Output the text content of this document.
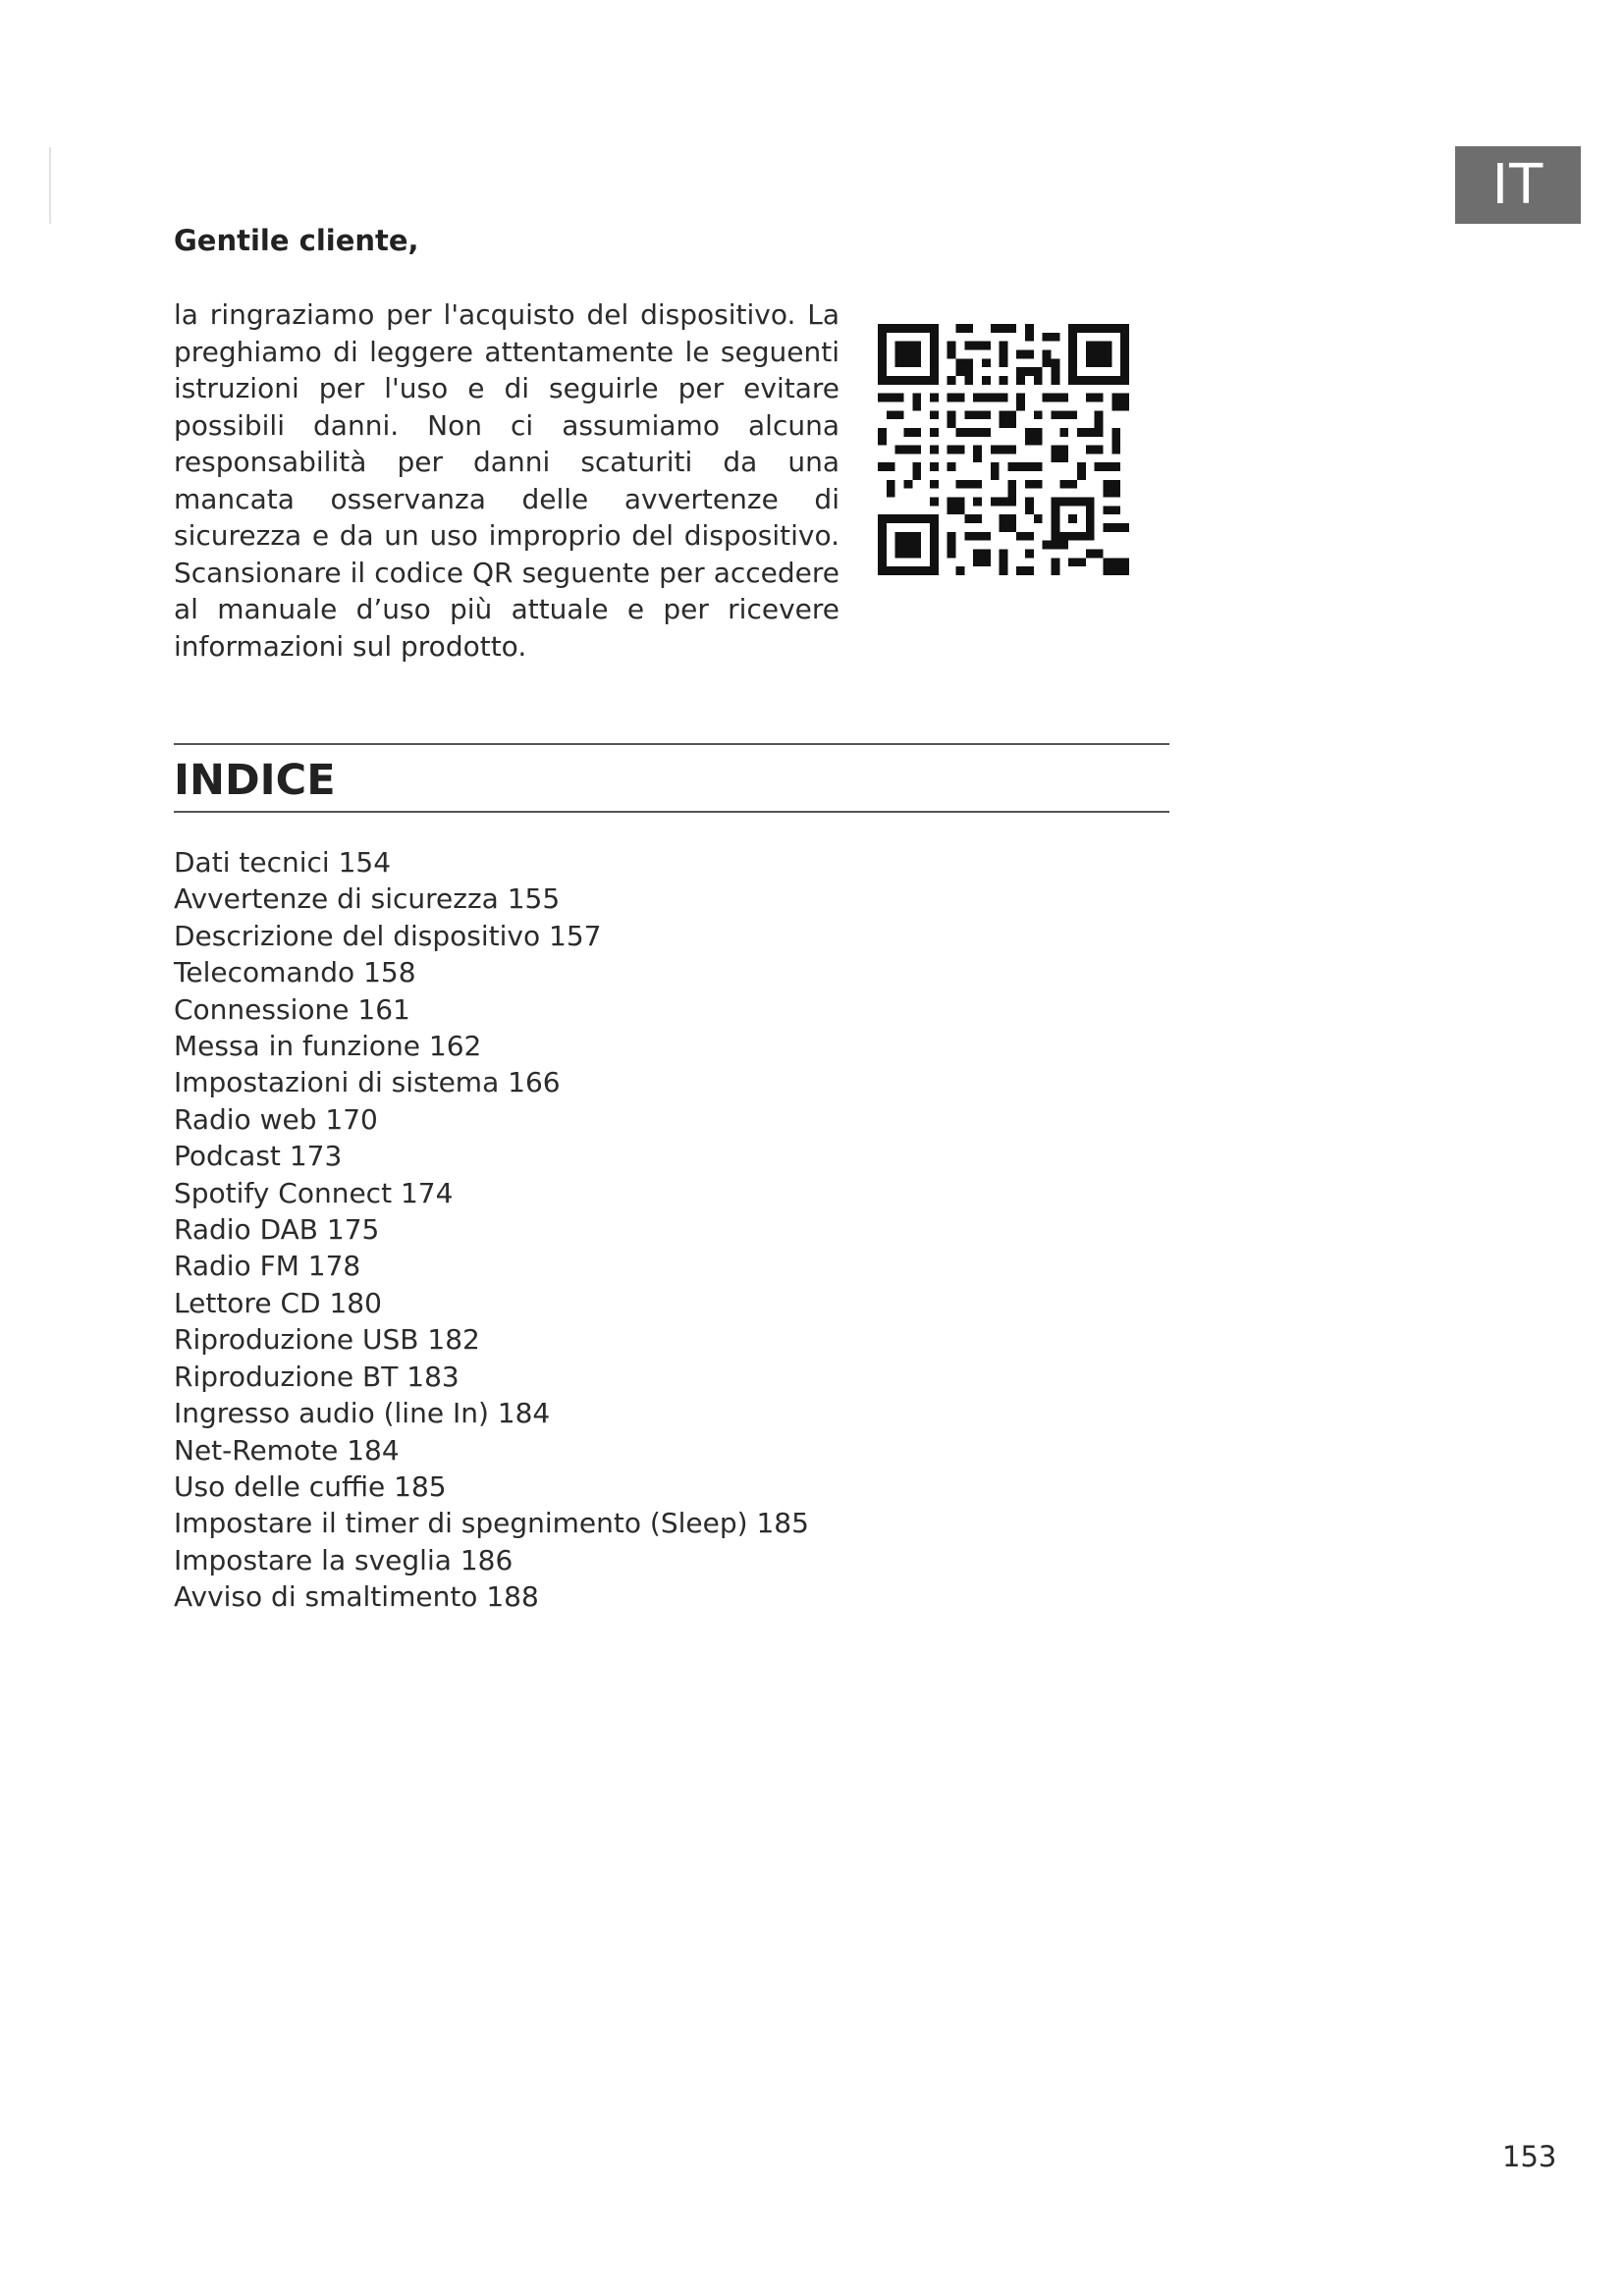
IT

Gentile cliente,

la ringraziamo per l'acquisto del dispositivo. La preghiamo di leggere attentamente le seguenti istruzioni per l'uso e di seguirle per evitare possibili danni. Non ci assumiamo alcuna responsabilità per danni scaturiti da una mancata osservanza delle avvertenze di sicurezza e da un uso improprio del dispositivo. Scansionare il codice QR seguente per accedere al manuale d’uso più attuale e per ricevere informazioni sul prodotto.

INDICE
Dati tecnici 154
Avvertenze di sicurezza 155
Descrizione del dispositivo 157
Telecomando 158
Connessione 161
Messa in funzione 162
Impostazioni di sistema 166
Radio web 170
Podcast 173
Spotify Connect 174
Radio DAB 175
Radio FM 178
Lettore CD 180
Riproduzione USB 182
Riproduzione BT 183
Ingresso audio (line In) 184
Net-Remote 184
Uso delle cuffie 185
Impostare il timer di spegnimento (Sleep) 185
Impostare la sveglia 186
Avviso di smaltimento 188
153
